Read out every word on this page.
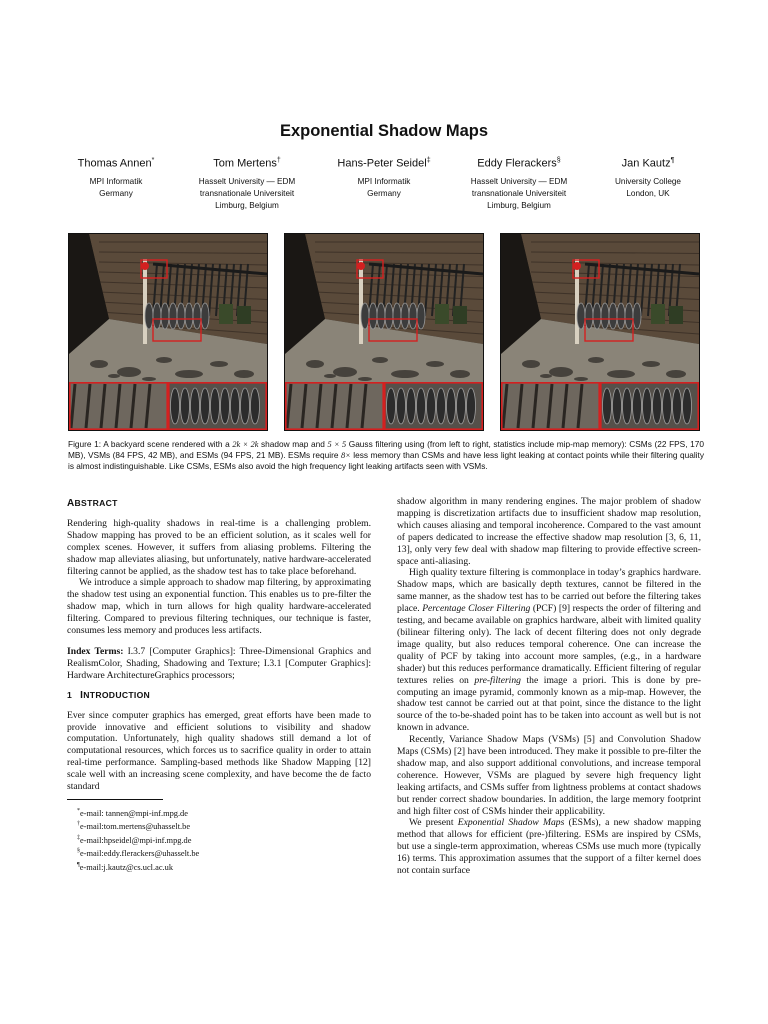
Exponential Shadow Maps
Thomas Annen*
MPI Informatik
Germany
Tom Mertens†
Hasselt University — EDM
transnationale Universiteit
Limburg, Belgium
Hans-Peter Seidel‡
MPI Informatik
Germany
Eddy Flerackers§
Hasselt University — EDM
transnationale Universiteit
Limburg, Belgium
Jan Kautz¶
University College
London, UK
Figure 1: A backyard scene rendered with a 2k × 2k shadow map and 5 × 5 Gauss filtering using (from left to right, statistics include mip-map memory): CSMs (22 FPS, 170 MB), VSMs (84 FPS, 42 MB), and ESMs (94 FPS, 21 MB). ESMs require 8× less memory than CSMs and have less light leaking at contact points while their filtering quality is almost indistinguishable. Like CSMs, ESMs also avoid the high frequency light leaking artifacts seen with VSMs.
ABSTRACT

Rendering high-quality shadows in real-time is a challenging problem. Shadow mapping has proved to be an efficient solution, as it scales well for complex scenes. However, it suffers from aliasing problems. Filtering the shadow map alleviates aliasing, but unfortunately, native hardware-accelerated filtering cannot be applied, as the shadow test has to take place beforehand.

We introduce a simple approach to shadow map filtering, by approximating the shadow test using an exponential function. This enables us to pre-filter the shadow map, which in turn allows for high quality hardware-accelerated filtering. Compared to previous filtering techniques, our technique is faster, consumes less memory and produces less artifacts.

Index Terms: I.3.7 [Computer Graphics]: Three-Dimensional Graphics and RealismColor, Shading, Shadowing and Texture; I.3.1 [Computer Graphics]: Hardware ArchitectureGraphics processors;

1 INTRODUCTION

Ever since computer graphics has emerged, great efforts have been made to provide innovative and efficient solutions to visibility and shadow computation. Unfortunately, high quality shadows still demand a lot of computational resources, which forces us to sacrifice quality in order to attain real-time performance. Sampling-based methods like Shadow Mapping [12] scale well with an increasing scene complexity, and have become the de facto standard

*e-mail: tannen@mpi-inf.mpg.de
†e-mail:tom.mertens@uhasselt.be
‡e-mail:hpseidel@mpi-inf.mpg.de
§e-mail:eddy.flerackers@uhasselt.be
¶e-mail:j.kautz@cs.ucl.ac.uk

shadow algorithm in many rendering engines. The major problem of shadow mapping is discretization artifacts due to insufficient shadow map resolution, which causes aliasing and temporal incoherence. Compared to the vast amount of papers dedicated to increase the effective shadow map resolution [3, 6, 11, 13], only very few deal with shadow map filtering to provide effective screen-space anti-aliasing.

High quality texture filtering is commonplace in today’s graphics hardware. Shadow maps, which are basically depth textures, cannot be filtered in the same manner, as the shadow test has to be carried out before the filtering takes place. Percentage Closer Filtering (PCF) [9] respects the order of filtering and testing, and became available on graphics hardware, albeit with limited quality (bilinear filtering only). The lack of decent filtering does not only degrade image quality, but also reduces temporal coherence. One can increase the quality of PCF by taking into account more samples, (e.g., in a hardware shader) but this reduces performance dramatically. Efficient filtering of regular textures relies on pre-filtering the image a priori. This is done by pre-computing an image pyramid, commonly known as a mip-map. However, the shadow test cannot be carried out at that point, since the distance to the light source of the to-be-shaded point has to be taken into account as well but is not known in advance.

Recently, Variance Shadow Maps (VSMs) [5] and Convolution Shadow Maps (CSMs) [2] have been introduced. They make it possible to pre-filter the shadow map, and also support additional convolutions, and increase temporal coherence. However, VSMs are plagued by severe high frequency light leaking artifacts, and CSMs suffer from lightness problems at contact shadows but render correct shadow boundaries. In addition, the large memory footprint and high filter cost of CSMs hinder their applicability.

We present Exponential Shadow Maps (ESMs), a new shadow mapping method that allows for efficient (pre-)filtering. ESMs are inspired by CSMs, but use a single-term approximation, whereas CSMs use much more (typically 16) terms. This approximation assumes that the support of a filter kernel does not contain surface
